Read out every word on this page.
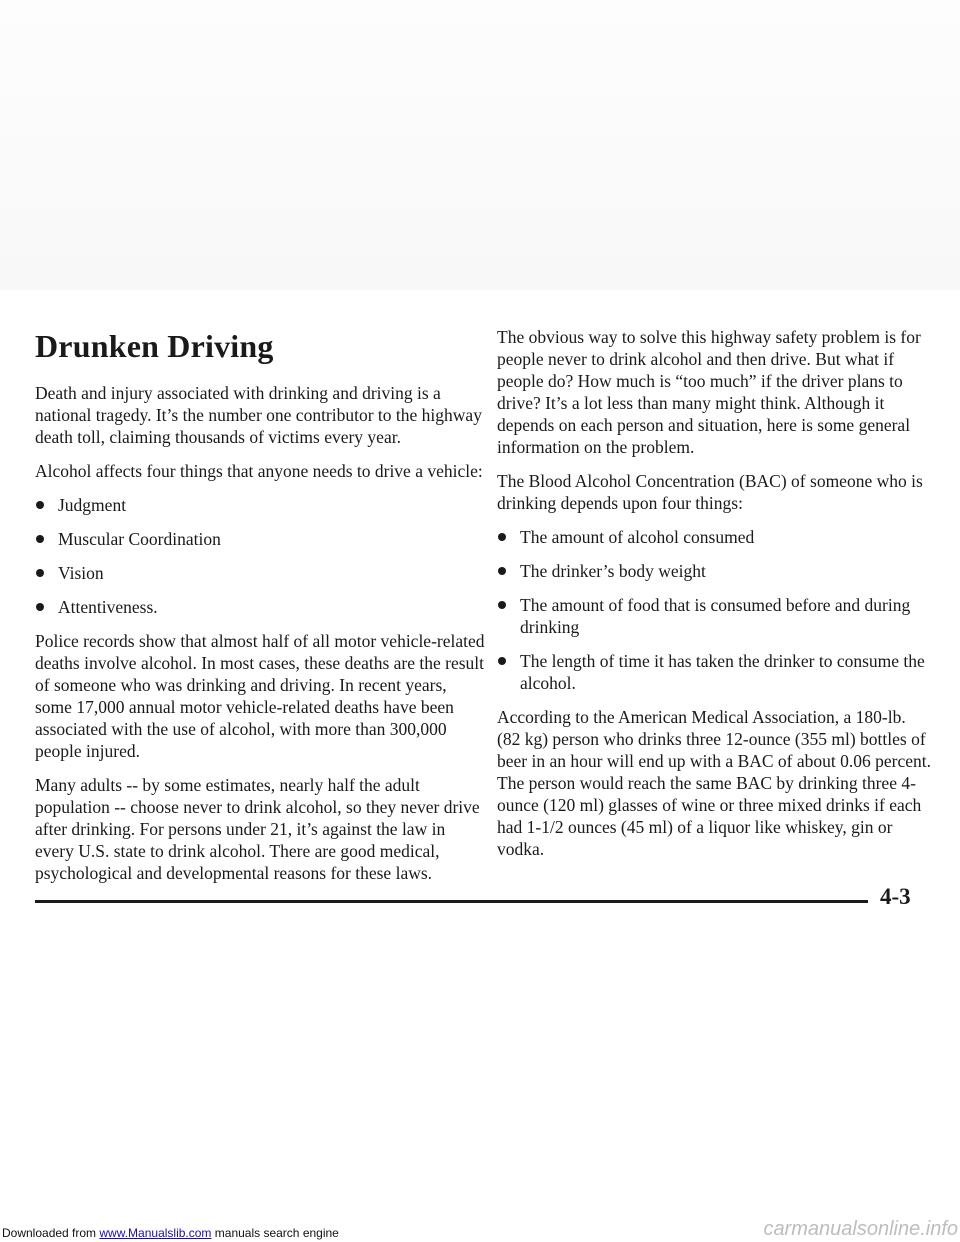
Drunken Driving

Death and injury associated with drinking and driving is a national tragedy. It’s the number one contributor to the highway death toll, claiming thousands of victims every year.

Alcohol affects four things that anyone needs to drive a vehicle:

Judgment
Muscular Coordination
Vision
Attentiveness.

Police records show that almost half of all motor vehicle-related deaths involve alcohol. In most cases, these deaths are the result of someone who was drinking and driving. In recent years, some 17,000 annual motor vehicle-related deaths have been associated with the use of alcohol, with more than 300,000 people injured.

Many adults -- by some estimates, nearly half the adult population -- choose never to drink alcohol, so they never drive after drinking. For persons under 21, it’s against the law in every U.S. state to drink alcohol. There are good medical, psychological and developmental reasons for these laws.

The obvious way to solve this highway safety problem is for people never to drink alcohol and then drive. But what if people do? How much is “too much” if the driver plans to drive? It’s a lot less than many might think. Although it depends on each person and situation, here is some general information on the problem.

The Blood Alcohol Concentration (BAC) of someone who is drinking depends upon four things:

The amount of alcohol consumed
The drinker’s body weight
The amount of food that is consumed before and during drinking
The length of time it has taken the drinker to consume the alcohol.

According to the American Medical Association, a 180-lb. (82 kg) person who drinks three 12-ounce (355 ml) bottles of beer in an hour will end up with a BAC of about 0.06 percent. The person would reach the same BAC by drinking three 4-ounce (120 ml) glasses of wine or three mixed drinks if each had 1-1/2 ounces (45 ml) of a liquor like whiskey, gin or vodka.

4-3
Downloaded from www.Manualslib.com manuals search engine	carmanualsonline.info
